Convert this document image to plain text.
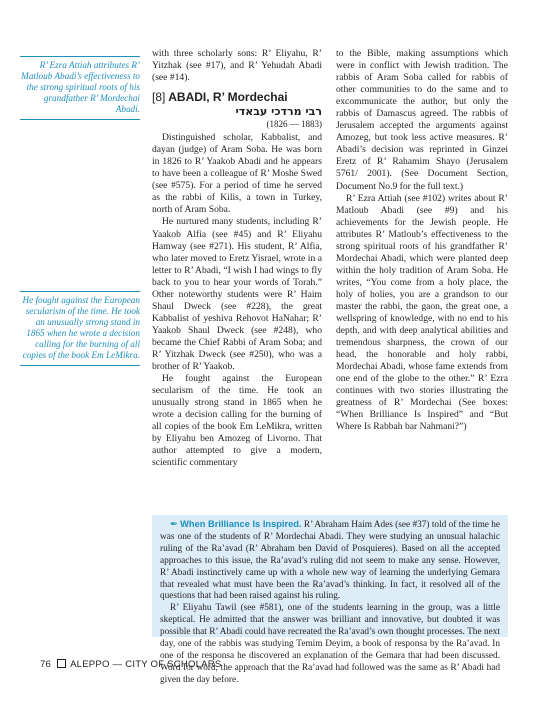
R’ Ezra Attiah attributes R’ Matloub Abadi’s effectiveness to the strong spiritual roots of his grandfather R’ Mordechai Abadi.
He fought against the European secularism of the time. He took an unusually strong stand in 1865 when he wrote a decision calling for the burning of all copies of the book Em LeMikra.

with three scholarly sons: R’ Eliyahu, R’ Yitzhak (see #17), and R’ Yehudah Abadi (see #14).

[8] ABADI, R’ Mordechai
רבי מרדכי עבאדי
(1826 — 1883)

Distinguished scholar, Kabbalist, and dayan (judge) of Aram Soba. He was born in 1826 to R’ Yaakob Abadi and he appears to have been a colleague of R’ Moshe Swed (see #575). For a period of time he served as the rabbi of Kilis, a town in Turkey, north of Aram Soba.

He nurtured many students, including R’ Yaakob Alfia (see #45) and R’ Eliyahu Hamway (see #271). His student, R’ Alfia, who later moved to Eretz Yisrael, wrote in a letter to R’ Abadi, “I wish I had wings to fly back to you to hear your words of Torah.” Other noteworthy students were R’ Haim Shaul Dweck (see #228), the great Kabbalist of yeshiva Rehovot HaNahar; R’ Yaakob Shaul Dweck (see #248), who became the Chief Rabbi of Aram Soba; and R’ Yitzhak Dweck (see #250), who was a brother of R’ Yaakob.

He fought against the European secularism of the time. He took an unusually strong stand in 1865 when he wrote a decision calling for the burning of all copies of the book Em LeMikra, written by Eliyahu ben Amozeg of Livorno. That author attempted to give a modern, scientific commentary

to the Bible, making assumptions which were in conflict with Jewish tradition. The rabbis of Aram Soba called for rabbis of other communities to do the same and to excommunicate the author, but only the rabbis of Damascus agreed. The rabbis of Jerusalem accepted the arguments against Amozeg, but took less active measures. R’ Abadi’s decision was reprinted in Ginzei Eretz of R’ Rahamim Shayo (Jerusalem 5761/ 2001). (See Document Section, Document No.9 for the full text.)

R’ Ezra Attiah (see #102) writes about R’ Matloub Abadi (see #9) and his achievements for the Jewish people. He attributes R’ Matloub’s effectiveness to the strong spiritual roots of his grandfather R’ Mordechai Abadi, which were planted deep within the holy tradition of Aram Soba. He writes, “You come from a holy place, the holy of holies, you are a grandson to our master the rabbi, the gaon, the great one, a wellspring of knowledge, with no end to his depth, and with deep analytical abilities and tremendous sharpness, the crown of our head, the honorable and holy rabbi, Mordechai Abadi, whose fame extends from one end of the globe to the other.” R’ Ezra continues with two stories illustrating the greatness of R’ Mordechai (See boxes: “When Brilliance Is Inspired” and “But Where Is Rabbah bar Nahmani?”)

✒ When Brilliance Is Inspired. R’ Abraham Haim Ades (see #37) told of the time he was one of the students of R’ Mordechai Abadi. They were studying an unusual halachic ruling of the Ra’avad (R’ Abraham ben David of Posquieres). Based on all the accepted approaches to this issue, the Ra’avad’s ruling did not seem to make any sense. However, R’ Abadi instinctively came up with a whole new way of learning the underlying Gemara that revealed what must have been the Ra’avad’s thinking. In fact, it resolved all of the questions that had been raised against his ruling.

R’ Eliyahu Tawil (see #581), one of the students learning in the group, was a little skeptical. He admitted that the answer was brilliant and innovative, but doubted it was possible that R’ Abadi could have recreated the Ra’avad’s own thought processes. The next day, one of the rabbis was studying Temim Deyim, a book of responsa by the Ra’avad. In one of the responsa he discovered an explanation of the Gemara that had been discussed. Word for word, the approach that the Ra’avad had followed was the same as R’ Abadi had given the day before.

76 ALEPPO — CITY OF SCHOLARS
